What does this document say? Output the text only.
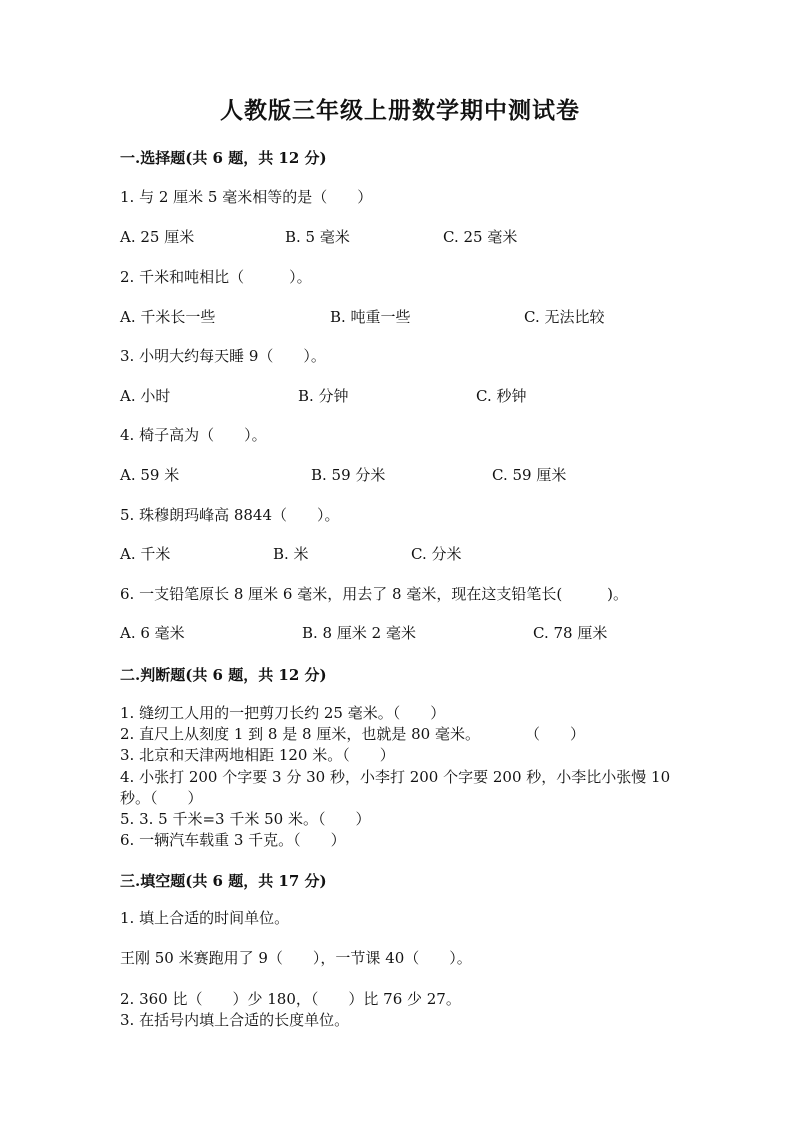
人教版三年级上册数学期中测试卷
一.选择题(共 6 题，共 12 分)
1. 与 2 厘米 5 毫米相等的是（　　）
A. 25 厘米	B. 5 毫米	C. 25 毫米
2. 千米和吨相比（　　　）。
A. 千米长一些	B. 吨重一些	C. 无法比较
3. 小明大约每天睡 9（　　）。
A. 小时	B. 分钟	C. 秒钟
4. 椅子高为（　　）。
A. 59 米	B. 59 分米	C. 59 厘米
5. 珠穆朗玛峰高 8844（　　）。
A. 千米	B. 米	C. 分米
6. 一支铅笔原长 8 厘米 6 毫米，用去了 8 毫米，现在这支铅笔长(　　　)。
A. 6 毫米	B. 8 厘米 2 毫米	C. 78 厘米
二.判断题(共 6 题，共 12 分)
1. 缝纫工人用的一把剪刀长约 25 毫米。（　　）
2. 直尺上从刻度 1 到 8 是 8 厘米，也就是 80 毫米。　　　　（　　）
3. 北京和天津两地相距 120 米。（　　）
4. 小张打 200 个字要 3 分 30 秒，小李打 200 个字要 200 秒，小李比小张慢 10
秒。（　　）
5. 3. 5 千米=3 千米 50 米。（　　）
6. 一辆汽车载重 3 千克。（　　）
三.填空题(共 6 题，共 17 分)
1. 填上合适的时间单位。
王刚 50 米赛跑用了 9（　　），一节课 40（　　）。
2. 360 比（　　）少 180，（　　）比 76 少 27。
3. 在括号内填上合适的长度单位。
